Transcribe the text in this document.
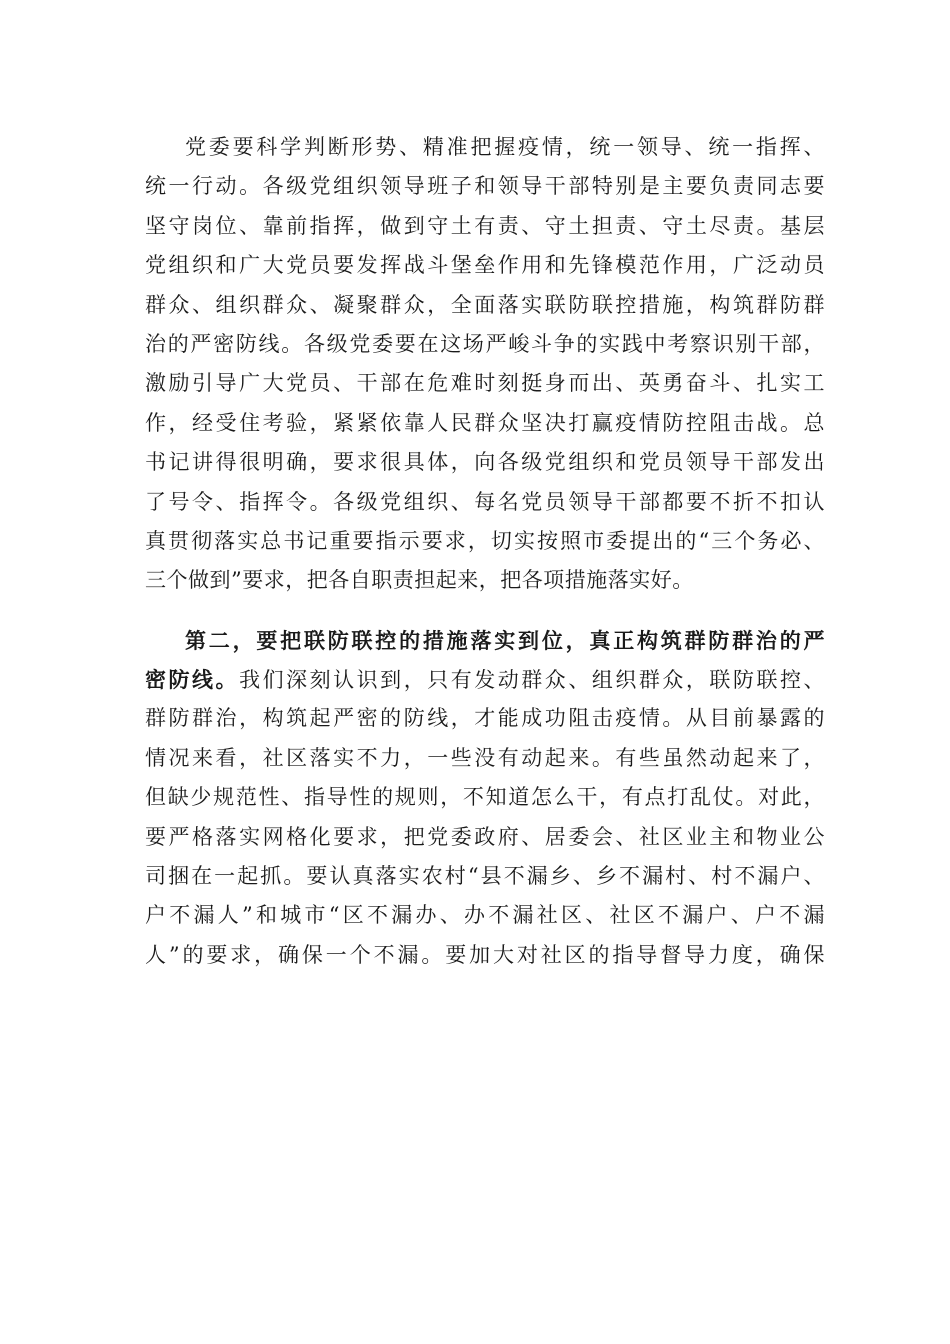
党委要科学判断形势、精准把握疫情，统一领导、统一指挥、
统一行动。各级党组织领导班子和领导干部特别是主要负责同志要
坚守岗位、靠前指挥，做到守土有责、守土担责、守土尽责。基层
党组织和广大党员要发挥战斗堡垒作用和先锋模范作用，广泛动员
群众、组织群众、凝聚群众，全面落实联防联控措施，构筑群防群
治的严密防线。各级党委要在这场严峻斗争的实践中考察识别干部，
激励引导广大党员、干部在危难时刻挺身而出、英勇奋斗、扎实工
作，经受住考验，紧紧依靠人民群众坚决打赢疫情防控阻击战。总
书记讲得很明确，要求很具体，向各级党组织和党员领导干部发出
了号令、指挥令。各级党组织、每名党员领导干部都要不折不扣认
真贯彻落实总书记重要指示要求，切实按照市委提出的“三个务必、
三个做到”要求，把各自职责担起来，把各项措施落实好。
第二，要把联防联控的措施落实到位，真正构筑群防群治的严
密防线。我们深刻认识到，只有发动群众、组织群众，联防联控、
群防群治，构筑起严密的防线，才能成功阻击疫情。从目前暴露的
情况来看，社区落实不力，一些没有动起来。有些虽然动起来了，
但缺少规范性、指导性的规则，不知道怎么干，有点打乱仗。对此，
要严格落实网格化要求，把党委政府、居委会、社区业主和物业公
司捆在一起抓。要认真落实农村“县不漏乡、乡不漏村、村不漏户、
户不漏人”和城市“区不漏办、办不漏社区、社区不漏户、户不漏
人”的要求，确保一个不漏。要加大对社区的指导督导力度，确保
